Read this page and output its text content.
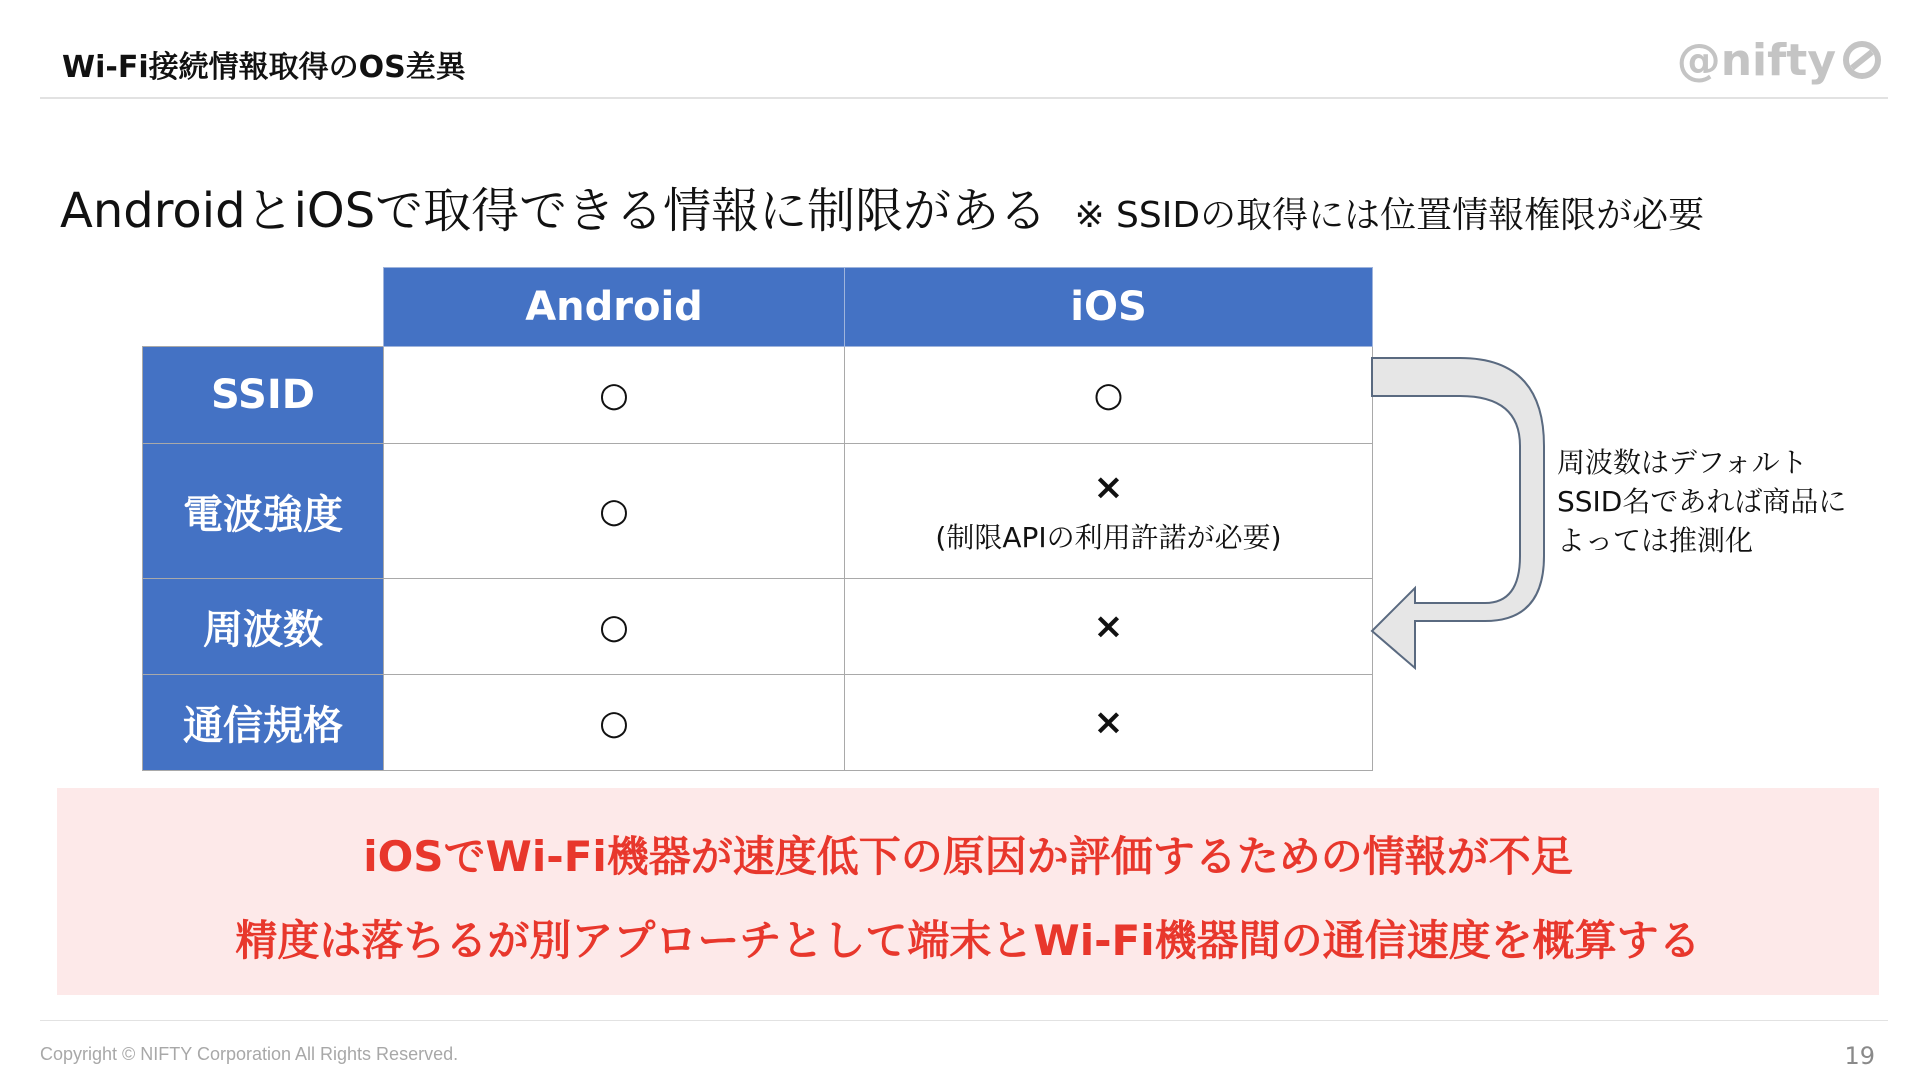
Wi-Fi接続情報取得のOS差異	@nifty
AndroidとiOSで取得できる情報に制限がある ※ SSIDの取得には位置情報権限が必要
	Android	iOS
SSID	○	○

電波強度	○	×
(制限APIの利用許諾が必要)

周波数	○	×

通信規格	○	×
周波数はデフォルト
SSID名であれば商品に
よっては推測化
iOSでWi-Fi機器が速度低下の原因か評価するための情報が不足
精度は落ちるが別アプローチとして端末とWi-Fi機器間の通信速度を概算する
Copyright © NIFTY Corporation All Rights Reserved.	19
